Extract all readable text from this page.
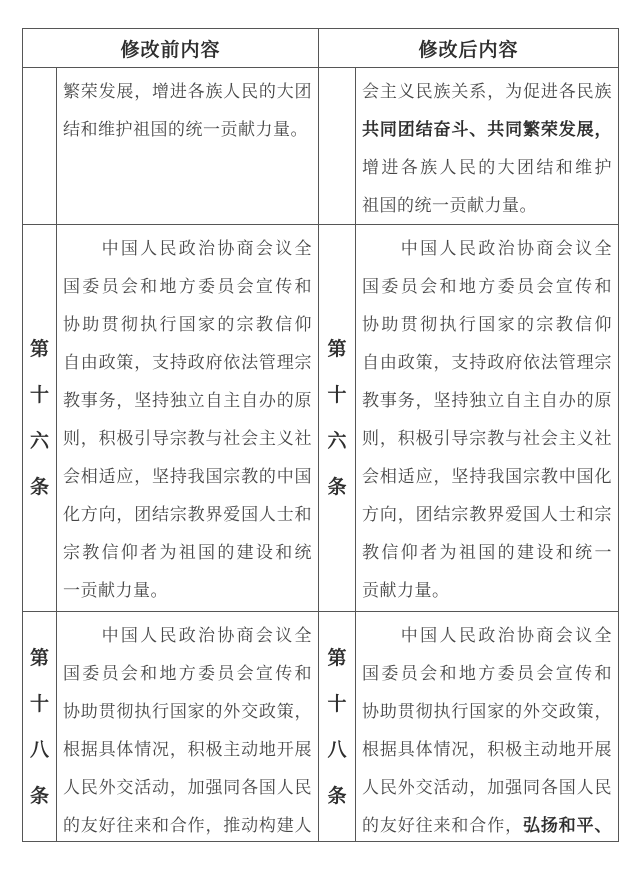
修改前内容	修改后内容
繁荣发展，增进各族人民的大团
结和维护祖国的统一贡献力量。
会主义民族关系，为促进各民族
共同团结奋斗、共同繁荣发展，
增进各族人民的大团结和维护
祖国的统一贡献力量。
第
十
六
条
　　中国人民政治协商会议全
国委员会和地方委员会宣传和
协助贯彻执行国家的宗教信仰
自由政策，支持政府依法管理宗
教事务，坚持独立自主自办的原
则，积极引导宗教与社会主义社
会相适应，坚持我国宗教的中国
化方向，团结宗教界爱国人士和
宗教信仰者为祖国的建设和统
一贡献力量。
第
十
六
条
　　中国人民政治协商会议全
国委员会和地方委员会宣传和
协助贯彻执行国家的宗教信仰
自由政策，支持政府依法管理宗
教事务，坚持独立自主自办的原
则，积极引导宗教与社会主义社
会相适应，坚持我国宗教中国化
方向，团结宗教界爱国人士和宗
教信仰者为祖国的建设和统一
贡献力量。
第
十
八
条
　　中国人民政治协商会议全
国委员会和地方委员会宣传和
协助贯彻执行国家的外交政策，
根据具体情况，积极主动地开展
人民外交活动，加强同各国人民
的友好往来和合作，推动构建人
第
十
八
条
　　中国人民政治协商会议全
国委员会和地方委员会宣传和
协助贯彻执行国家的外交政策，
根据具体情况，积极主动地开展
人民外交活动，加强同各国人民
的友好往来和合作，弘扬和平、
